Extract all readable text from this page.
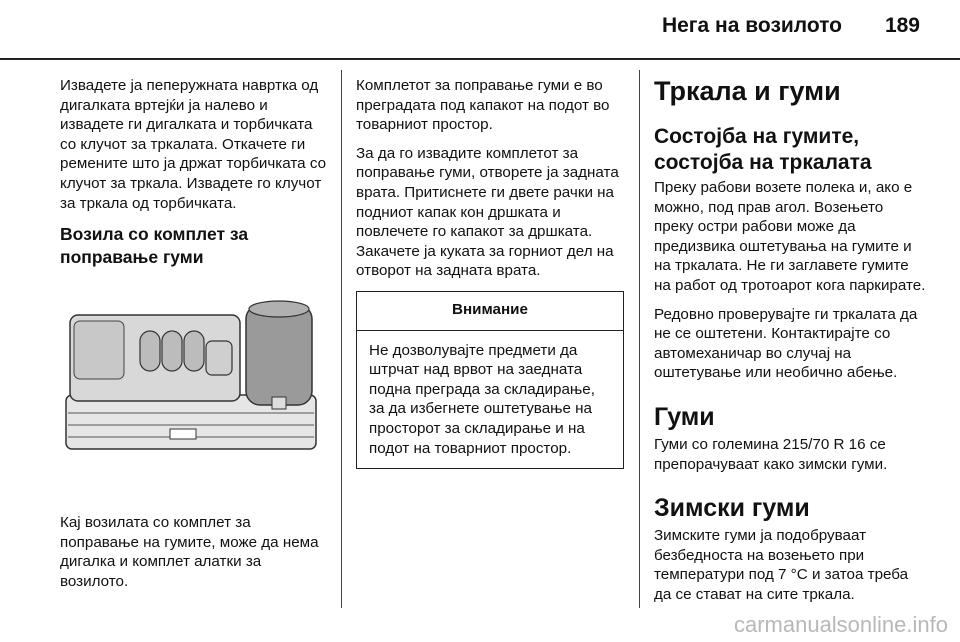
Нега на возилото 189

Извадете ја пеперужната наврткa од дигалката вртејќи ја налево и извадете ги дигалката и торбичката со клучот за тркалата. Откачете ги ремените што ја држат торбичката со клучот за тркала. Извадете го клучот за тркала од торбичката.

Возила со комплет за поправање гуми

Кај возилата со комплет за поправање на гумите, може да нема дигалка и комплет алатки за возилото.

Комплетот за поправање гуми е во преградата под капакот на подот во товарниот простор.

За да го извадите комплетот за поправање гуми, отворете ја задната врата. Притиснете ги двете рачки на подниот капак кон дршката и повлечете го капакот за дршката. Закачете ја куката за горниот дел на отворот на задната врата.

Внимание
Не дозволувајте предмети да штрчат над врвот на заедната подна преграда за складирање, за да избегнете оштетување на просторот за складирање и на подот на товарниот простор.
Тркала и гуми
Состојба на гумите, состојба на тркалата

Преку рабови возете полека и, ако е можно, под прав агол. Возењето преку остри рабови може да предизвика оштетувања на гумите и на тркалата. Не ги заглавете гумите на работ од тротоарот кога паркирате.

Редовно проверувајте ги тркалата да не се оштетени. Контактирајте со автомеханичар во случај на оштетување или необично абење.

Гуми

Гуми со големина 215/70 R 16 се препорачуваат како зимски гуми.

Зимски гуми

Зимските гуми ја подобруваат безбедноста на возењето при температури под 7 °C и затоа треба да се стават на сите тркала.

carmanualsonline.info
